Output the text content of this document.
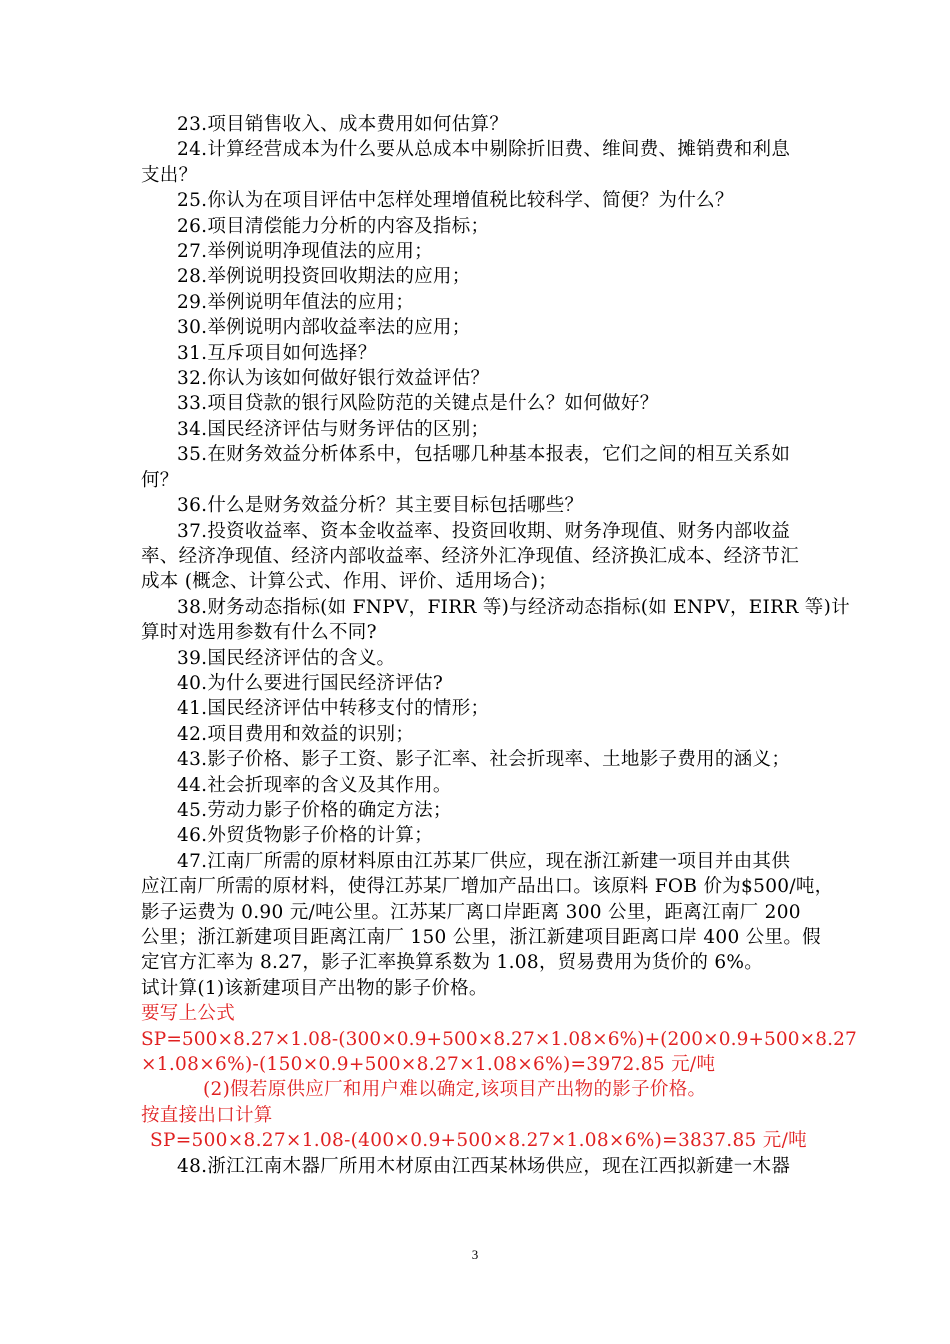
23.项目销售收入、成本费用如何估算？
24.计算经营成本为什么要从总成本中剔除折旧费、维间费、摊销费和利息
支出？
25.你认为在项目评估中怎样处理增值税比较科学、简便？为什么？
26.项目清偿能力分析的内容及指标；
27.举例说明净现值法的应用；
28.举例说明投资回收期法的应用；
29.举例说明年值法的应用；
30.举例说明内部收益率法的应用；
31.互斥项目如何选择？
32.你认为该如何做好银行效益评估？
33.项目贷款的银行风险防范的关键点是什么？如何做好？
34.国民经济评估与财务评估的区别；
35.在财务效益分析体系中，包括哪几种基本报表，它们之间的相互关系如
何？
36.什么是财务效益分析？其主要目标包括哪些？
37.投资收益率、资本金收益率、投资回收期、财务净现值、财务内部收益
率、经济净现值、经济内部收益率、经济外汇净现值、经济换汇成本、经济节汇
成本 (概念、计算公式、作用、评价、适用场合)；
38.财务动态指标(如 FNPV，FIRR 等)与经济动态指标(如 ENPV，EIRR 等)计
算时对选用参数有什么不同?
39.国民经济评估的含义。
40.为什么要进行国民经济评估?
41.国民经济评估中转移支付的情形；
42.项目费用和效益的识别；
43.影子价格、影子工资、影子汇率、社会折现率、土地影子费用的涵义；
44.社会折现率的含义及其作用。
45.劳动力影子价格的确定方法；
46.外贸货物影子价格的计算；
47.江南厂所需的原材料原由江苏某厂供应，现在浙江新建一项目并由其供
应江南厂所需的原材料，使得江苏某厂增加产品出口。该原料 FOB 价为$500/吨，
影子运费为 0.90 元/吨公里。江苏某厂离口岸距离 300 公里，距离江南厂 200
公里；浙江新建项目距离江南厂 150 公里，浙江新建项目距离口岸 400 公里。假
定官方汇率为 8.27，影子汇率换算系数为 1.08，贸易费用为货价的 6%。
试计算(1)该新建项目产出物的影子价格。
要写上公式
SP=500×8.27×1.08-(300×0.9+500×8.27×1.08×6%)+(200×0.9+500×8.27
×1.08×6%)-(150×0.9+500×8.27×1.08×6%)=3972.85 元/吨
(2)假若原供应厂和用户难以确定,该项目产出物的影子价格。
按直接出口计算
SP=500×8.27×1.08-(400×0.9+500×8.27×1.08×6%)=3837.85 元/吨
48.浙江江南木器厂所用木材原由江西某林场供应，现在江西拟新建一木器
3
